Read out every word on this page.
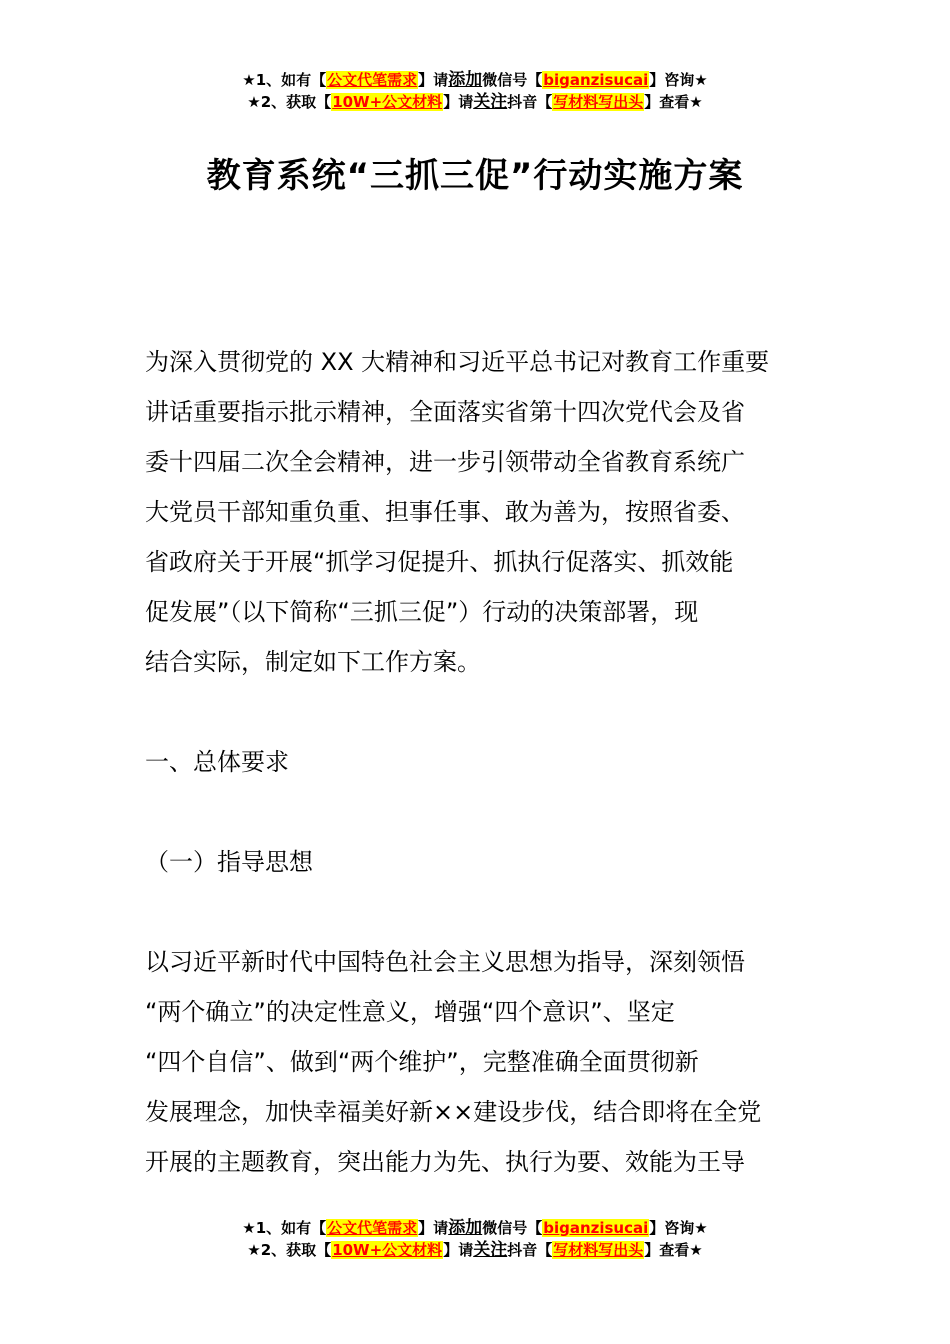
★1、如有【公文代笔需求】请添加微信号【biganzisucai】咨询★
★2、获取【10W+公文材料】请关注抖音【写材料写出头】查看★
教育系统“三抓三促”行动实施方案
为深入贯彻党的 XX 大精神和习近平总书记对教育工作重要
讲话重要指示批示精神，全面落实省第十四次党代会及省
委十四届二次全会精神，进一步引领带动全省教育系统广
大党员干部知重负重、担事任事、敢为善为，按照省委、
省政府关于开展“抓学习促提升、抓执行促落实、抓效能
促发展”（以下简称“三抓三促”）行动的决策部署，现
结合实际，制定如下工作方案。
一、总体要求
（一）指导思想
以习近平新时代中国特色社会主义思想为指导，深刻领悟
“两个确立”的决定性意义，增强“四个意识”、坚定
“四个自信”、做到“两个维护”，完整准确全面贯彻新
发展理念，加快幸福美好新××建设步伐，结合即将在全党
开展的主题教育，突出能力为先、执行为要、效能为王导
★1、如有【公文代笔需求】请添加微信号【biganzisucai】咨询★
★2、获取【10W+公文材料】请关注抖音【写材料写出头】查看★
